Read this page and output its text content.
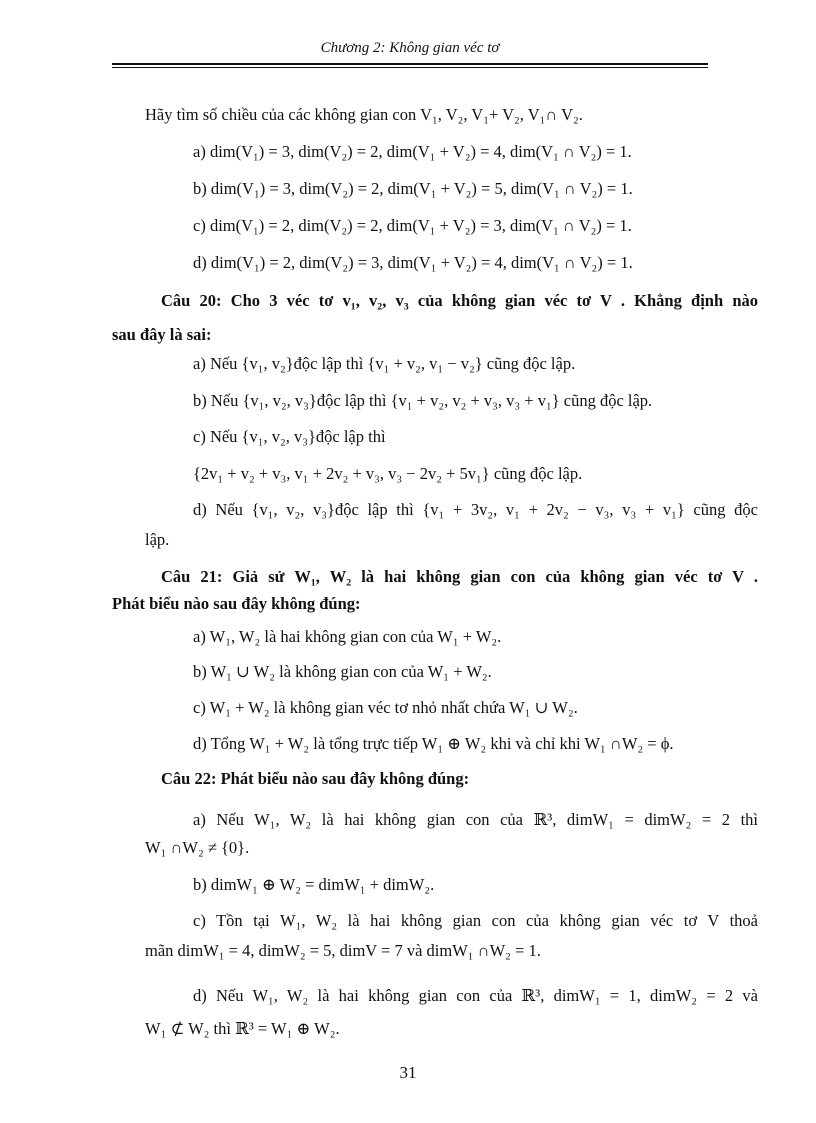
Chương 2: Không gian véc tơ
Hãy tìm số chiều của các không gian con V₁, V₂, V₁+ V₂, V₁∩ V₂.
a) dim(V₁) = 3, dim(V₂) = 2, dim(V₁ + V₂) = 4, dim(V₁ ∩ V₂) = 1.
b) dim(V₁) = 3, dim(V₂) = 2, dim(V₁ + V₂) = 5, dim(V₁ ∩ V₂) = 1.
c) dim(V₁) = 2, dim(V₂) = 2, dim(V₁ + V₂) = 3, dim(V₁ ∩ V₂) = 1.
d) dim(V₁) = 2, dim(V₂) = 3, dim(V₁ + V₂) = 4, dim(V₁ ∩ V₂) = 1.
Câu 20: Cho 3 véc tơ v₁, v₂, v₃ của không gian véc tơ V . Khẳng định nào
sau đây là sai:
a) Nếu {v₁, v₂}độc lập thì {v₁ + v₂, v₁ − v₂} cũng độc lập.
b) Nếu {v₁, v₂, v₃}độc lập thì {v₁ + v₂, v₂ + v₃, v₃ + v₁} cũng độc lập.
c) Nếu {v₁, v₂, v₃}độc lập thì
{2v₁ + v₂ + v₃, v₁ + 2v₂ + v₃, v₃ − 2v₂ + 5v₁} cũng độc lập.
d) Nếu {v₁, v₂, v₃}độc lập thì {v₁ + 3v₂, v₁ + 2v₂ − v₃, v₃ + v₁} cũng độc
lập.
Câu 21: Giả sử W₁, W₂ là hai không gian con của không gian véc tơ V .
Phát biểu nào sau đây không đúng:
a) W₁, W₂ là hai không gian con của W₁ + W₂.
b) W₁ ∪ W₂ là không gian con của W₁ + W₂.
c) W₁ + W₂ là không gian véc tơ nhỏ nhất chứa W₁ ∪ W₂.
d) Tổng W₁ + W₂ là tổng trực tiếp W₁ ⊕ W₂ khi và chỉ khi W₁ ∩W₂ = ϕ.
Câu 22: Phát biểu nào sau đây không đúng:
a) Nếu W₁, W₂ là hai không gian con của ℝ³, dimW₁ = dimW₂ = 2 thì
W₁ ∩W₂ ≠ {0}.
b) dimW₁ ⊕ W₂ = dimW₁ + dimW₂.
c) Tồn tại W₁, W₂ là hai không gian con của không gian véc tơ V thoả
mãn dimW₁ = 4, dimW₂ = 5, dimV = 7 và dimW₁ ∩W₂ = 1.
d) Nếu W₁, W₂ là hai không gian con của ℝ³, dimW₁ = 1, dimW₂ = 2 và
W₁ ⊄ W₂ thì ℝ³ = W₁ ⊕ W₂.
31
